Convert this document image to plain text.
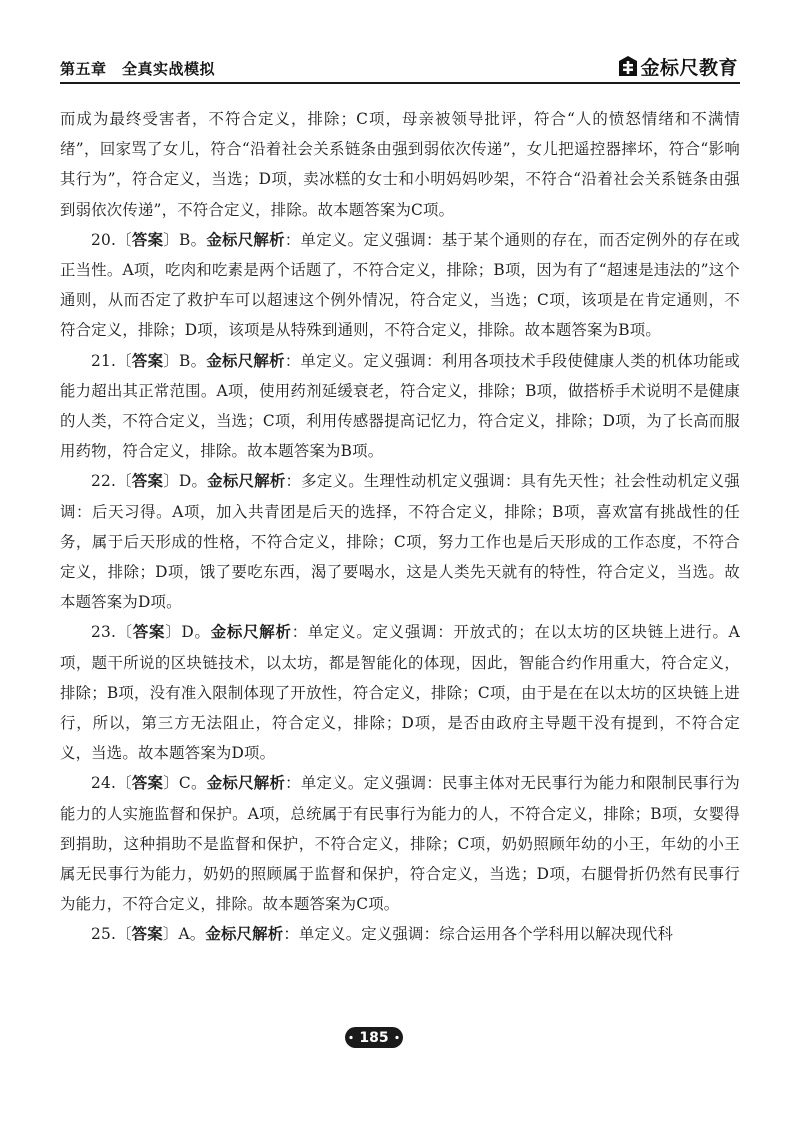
第五章　全真实战模拟	金标尺教育

而成为最终受害者，不符合定义，排除；C项，母亲被领导批评，符合“人的愤怒情绪和不满情绪”，回家骂了女儿，符合“沿着社会关系链条由强到弱依次传递”，女儿把遥控器摔坏，符合“影响其行为”，符合定义，当选；D项，卖冰糕的女士和小明妈妈吵架，不符合“沿着社会关系链条由强到弱依次传递”，不符合定义，排除。故本题答案为C项。

20.〔答案〕B。金标尺解析：单定义。定义强调：基于某个通则的存在，而否定例外的存在或正当性。A项，吃肉和吃素是两个话题了，不符合定义，排除；B项，因为有了“超速是违法的”这个通则，从而否定了救护车可以超速这个例外情况，符合定义，当选；C项，该项是在肯定通则，不符合定义，排除；D项，该项是从特殊到通则，不符合定义，排除。故本题答案为B项。

21.〔答案〕B。金标尺解析：单定义。定义强调：利用各项技术手段使健康人类的机体功能或能力超出其正常范围。A项，使用药剂延缓衰老，符合定义，排除；B项，做搭桥手术说明不是健康的人类，不符合定义，当选；C项，利用传感器提高记忆力，符合定义，排除；D项，为了长高而服用药物，符合定义，排除。故本题答案为B项。

22.〔答案〕D。金标尺解析：多定义。生理性动机定义强调：具有先天性；社会性动机定义强调：后天习得。A项，加入共青团是后天的选择，不符合定义，排除；B项，喜欢富有挑战性的任务，属于后天形成的性格，不符合定义，排除；C项，努力工作也是后天形成的工作态度，不符合定义，排除；D项，饿了要吃东西，渴了要喝水，这是人类先天就有的特性，符合定义，当选。故本题答案为D项。

23.〔答案〕D。金标尺解析：单定义。定义强调：开放式的；在以太坊的区块链上进行。A项，题干所说的区块链技术，以太坊，都是智能化的体现，因此，智能合约作用重大，符合定义，排除；B项，没有准入限制体现了开放性，符合定义，排除；C项，由于是在在以太坊的区块链上进行，所以，第三方无法阻止，符合定义，排除；D项，是否由政府主导题干没有提到，不符合定义，当选。故本题答案为D项。

24.〔答案〕C。金标尺解析：单定义。定义强调：民事主体对无民事行为能力和限制民事行为能力的人实施监督和保护。A项，总统属于有民事行为能力的人，不符合定义，排除；B项，女婴得到捐助，这种捐助不是监督和保护，不符合定义，排除；C项，奶奶照顾年幼的小王，年幼的小王属无民事行为能力，奶奶的照顾属于监督和保护，符合定义，当选；D项，右腿骨折仍然有民事行为能力，不符合定义，排除。故本题答案为C项。

25.〔答案〕A。金标尺解析：单定义。定义强调：综合运用各个学科用以解决现代科

185
